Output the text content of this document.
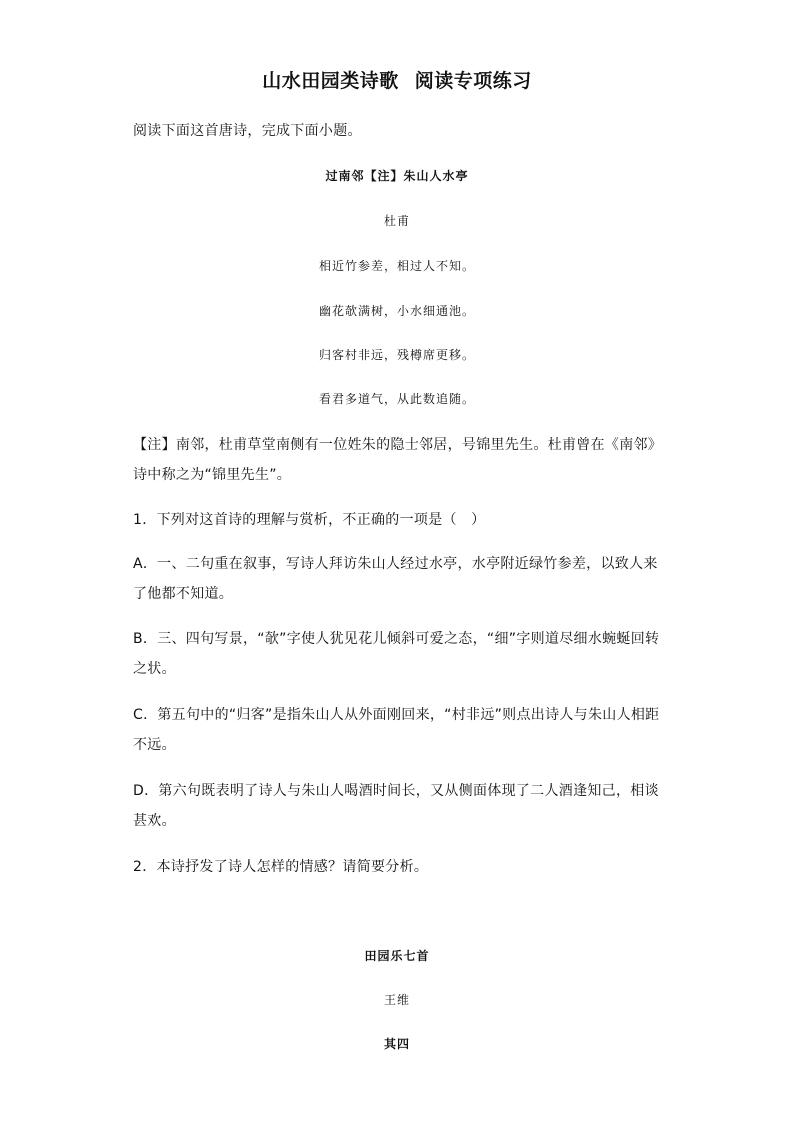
山水田园类诗歌 阅读专项练习
阅读下面这首唐诗，完成下面小题。
过南邻【注】朱山人水亭
杜甫
相近竹参差，相过人不知。
幽花欹满树，小水细通池。
归客村非远，残樽席更移。
看君多道气，从此数追随。
【注】南邻，杜甫草堂南侧有一位姓朱的隐士邻居，号锦里先生。杜甫曾在《南邻》诗中称之为“锦里先生”。
1．下列对这首诗的理解与赏析，不正确的一项是（　）
A．一、二句重在叙事，写诗人拜访朱山人经过水亭，水亭附近绿竹参差，以致人来了他都不知道。
B．三、四句写景，“欹”字使人犹见花儿倾斜可爱之态，“细”字则道尽细水蜿蜒回转之状。
C．第五句中的“归客”是指朱山人从外面刚回来，“村非远”则点出诗人与朱山人相距不远。
D．第六句既表明了诗人与朱山人喝酒时间长，又从侧面体现了二人酒逢知己，相谈甚欢。
2．本诗抒发了诗人怎样的情感？请简要分析。
田园乐七首
王维
其四
